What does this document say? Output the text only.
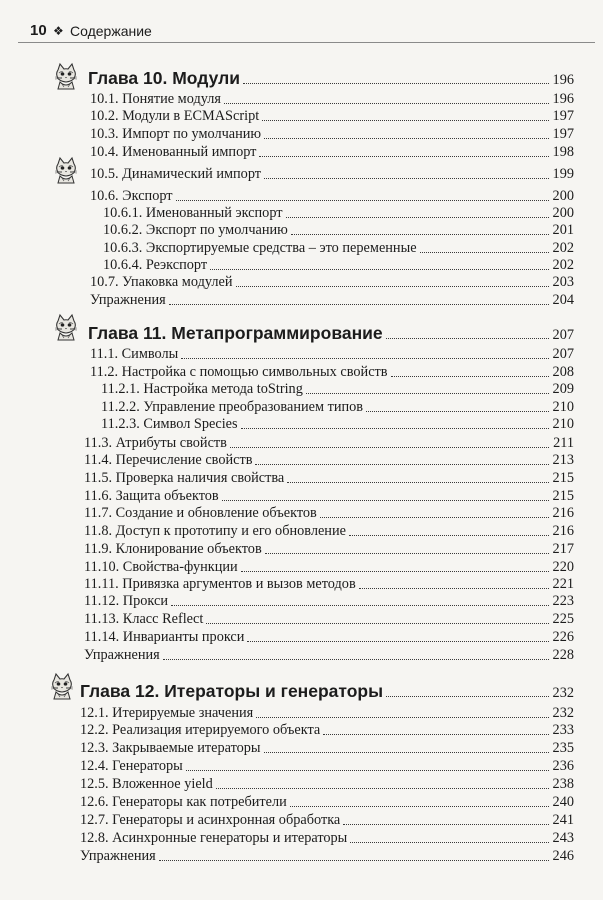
10 ❖ Содержание
Глава 10. Модули	196
10.1. Понятие модуля	196
10.2. Модули в ECMAScript	197
10.3. Импорт по умолчанию	197
10.4. Именованный импорт	198
10.5. Динамический импорт	199
10.6. Экспорт	200
10.6.1. Именованный экспорт	200
10.6.2. Экспорт по умолчанию	201
10.6.3. Экспортируемые средства – это переменные	202
10.6.4. Реэкспорт	202
10.7. Упаковка модулей	203
Упражнения	204
Глава 11. Метапрограммирование	207
11.1. Символы	207
11.2. Настройка с помощью символьных свойств	208
11.2.1. Настройка метода toString	209
11.2.2. Управление преобразованием типов	210
11.2.3. Символ Species	210
11.3. Атрибуты свойств	211
11.4. Перечисление свойств	213
11.5. Проверка наличия свойства	215
11.6. Защита объектов	215
11.7. Создание и обновление объектов	216
11.8. Доступ к прототипу и его обновление	216
11.9. Клонирование объектов	217
11.10. Свойства-функции	220
11.11. Привязка аргументов и вызов методов	221
11.12. Прокси	223
11.13. Класс Reflect	225
11.14. Инварианты прокси	226
Упражнения	228
Глава 12. Итераторы и генераторы	232
12.1. Итерируемые значения	232
12.2. Реализация итерируемого объекта	233
12.3. Закрываемые итераторы	235
12.4. Генераторы	236
12.5. Вложенное yield	238
12.6. Генераторы как потребители	240
12.7. Генераторы и асинхронная обработка	241
12.8. Асинхронные генераторы и итераторы	243
Упражнения	246
